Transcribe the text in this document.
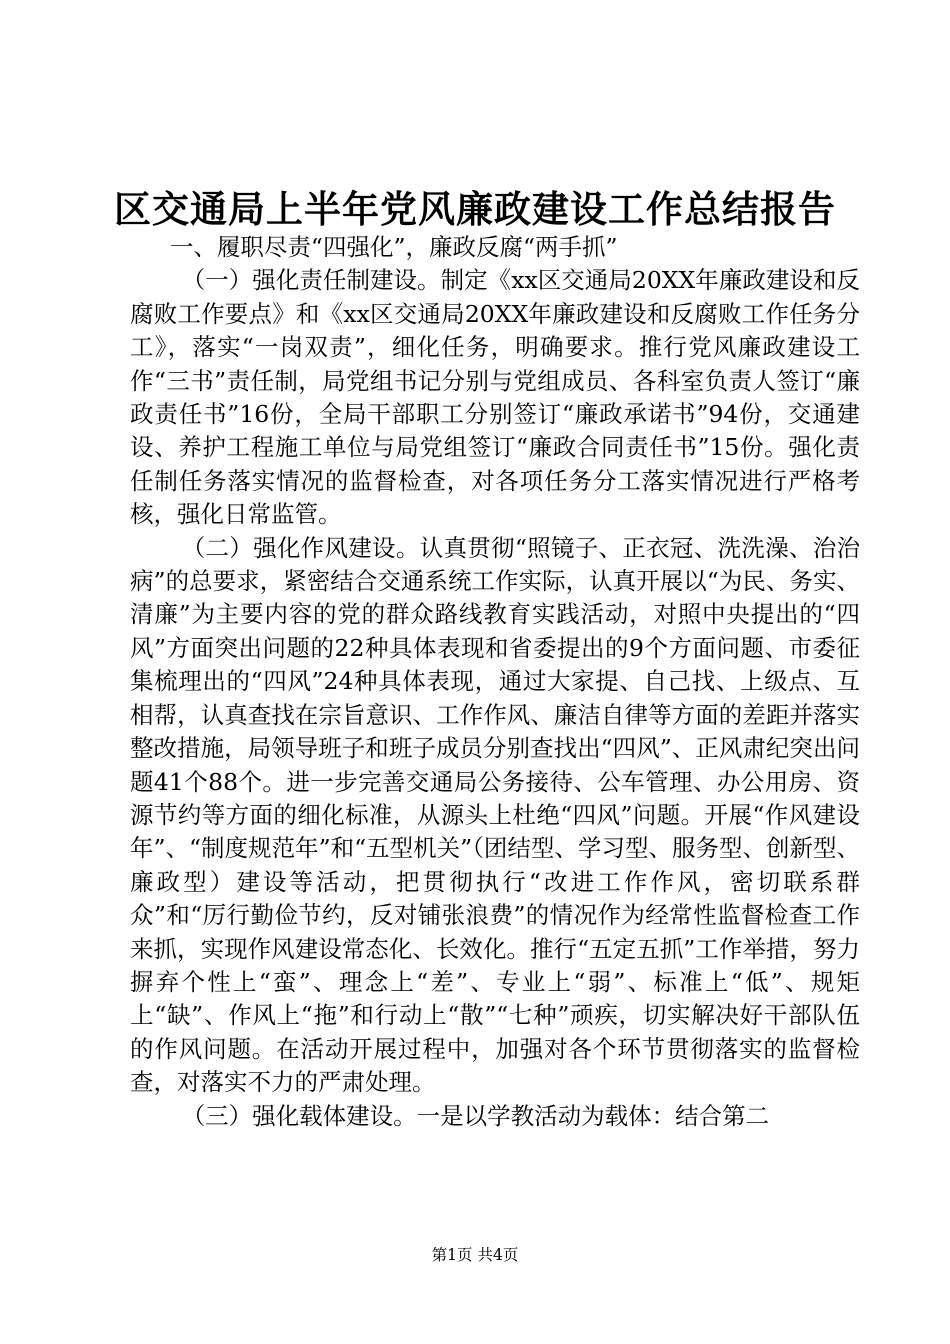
区交通局上半年党风廉政建设工作总结报告

一、履职尽责“四强化”，廉政反腐“两手抓”

（一）强化责任制建设。制定《xx区交通局20XX年廉政建设和反腐败工作要点》和《xx区交通局20XX年廉政建设和反腐败工作任务分工》，落实“一岗双责”，细化任务，明确要求。推行党风廉政建设工作“三书”责任制，局党组书记分别与党组成员、各科室负责人签订“廉政责任书”16份，全局干部职工分别签订“廉政承诺书”94份，交通建设、养护工程施工单位与局党组签订“廉政合同责任书”15份。强化责任制任务落实情况的监督检查，对各项任务分工落实情况进行严格考核，强化日常监管。

（二）强化作风建设。认真贯彻“照镜子、正衣冠、洗洗澡、治治病”的总要求，紧密结合交通系统工作实际，认真开展以“为民、务实、清廉”为主要内容的党的群众路线教育实践活动，对照中央提出的“四风”方面突出问题的22种具体表现和省委提出的9个方面问题、市委征集梳理出的“四风”24种具体表现，通过大家提、自己找、上级点、互相帮，认真查找在宗旨意识、工作作风、廉洁自律等方面的差距并落实整改措施，局领导班子和班子成员分别查找出“四风”、正风肃纪突出问题41个88个。进一步完善交通局公务接待、公车管理、办公用房、资源节约等方面的细化标准，从源头上杜绝“四风”问题。开展“作风建设年”、“制度规范年”和“五型机关”（团结型、学习型、服务型、创新型、廉政型）建设等活动，把贯彻执行“改进工作作风，密切联系群众”和“厉行勤俭节约，反对铺张浪费”的情况作为经常性监督检查工作来抓，实现作风建设常态化、长效化。推行“五定五抓”工作举措，努力摒弃个性上“蛮”、理念上“差”、专业上“弱”、标准上“低”、规矩上“缺”、作风上“拖”和行动上“散”“七种”顽疾，切实解决好干部队伍的作风问题。在活动开展过程中，加强对各个环节贯彻落实的监督检查，对落实不力的严肃处理。

（三）强化载体建设。一是以学教活动为载体：结合第二

第1页 共4页
